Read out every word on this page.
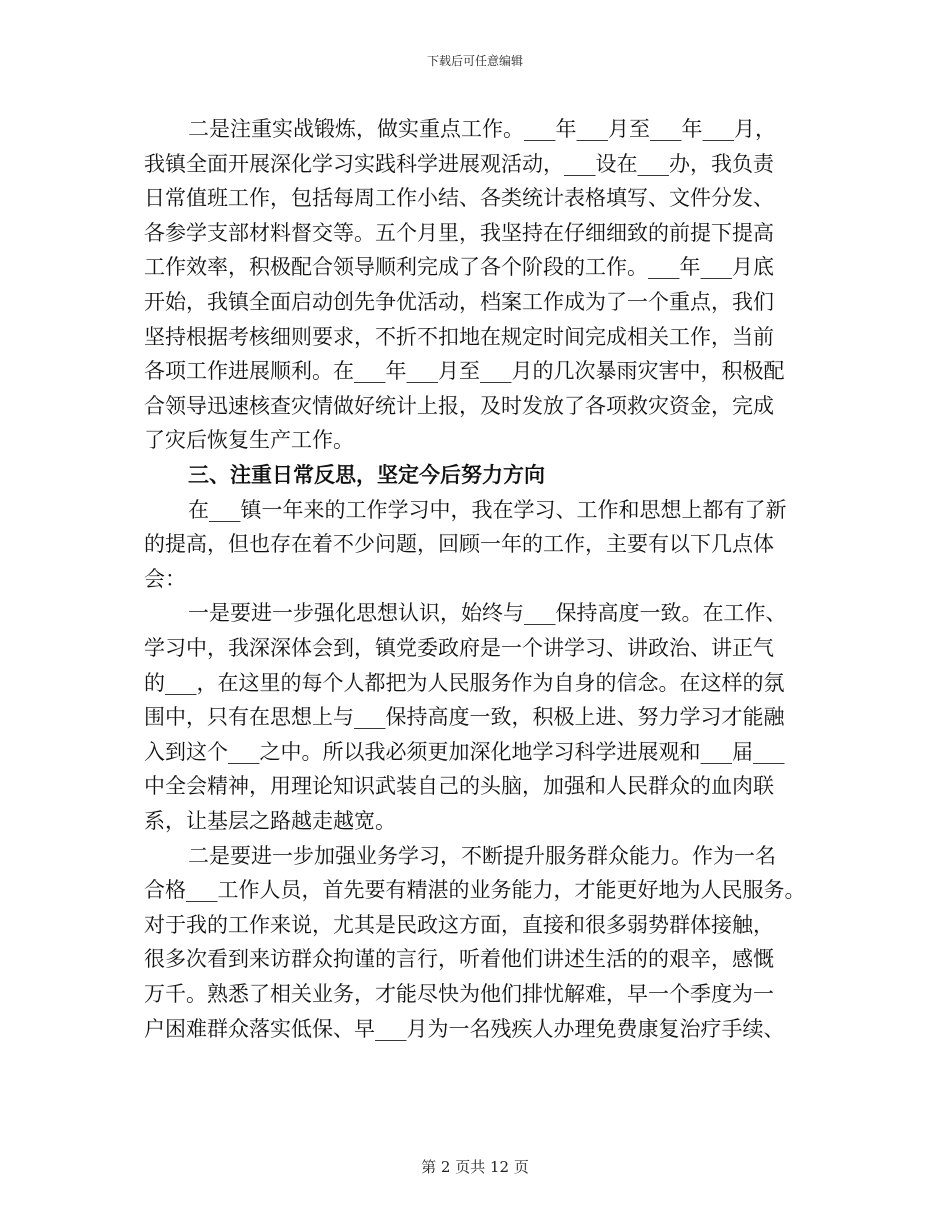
下载后可任意编辑
二是注重实战锻炼，做实重点工作。___年___月至___年___月，
我镇全面开展深化学习实践科学进展观活动，___设在___办，我负责
日常值班工作，包括每周工作小结、各类统计表格填写、文件分发、
各参学支部材料督交等。五个月里，我坚持在仔细细致的前提下提高
工作效率，积极配合领导顺利完成了各个阶段的工作。___年___月底
开始，我镇全面启动创先争优活动，档案工作成为了一个重点，我们
坚持根据考核细则要求，不折不扣地在规定时间完成相关工作，当前
各项工作进展顺利。在___年___月至___月的几次暴雨灾害中，积极配
合领导迅速核查灾情做好统计上报，及时发放了各项救灾资金，完成
了灾后恢复生产工作。
三、注重日常反思，坚定今后努力方向
在___镇一年来的工作学习中，我在学习、工作和思想上都有了新
的提高，但也存在着不少问题，回顾一年的工作，主要有以下几点体
会：
一是要进一步强化思想认识，始终与___保持高度一致。在工作、
学习中，我深深体会到，镇党委政府是一个讲学习、讲政治、讲正气
的___，在这里的每个人都把为人民服务作为自身的信念。在这样的氛
围中，只有在思想上与___保持高度一致，积极上进、努力学习才能融
入到这个___之中。所以我必须更加深化地学习科学进展观和___届___
中全会精神，用理论知识武装自己的头脑，加强和人民群众的血肉联
系，让基层之路越走越宽。
二是要进一步加强业务学习，不断提升服务群众能力。作为一名
合格___工作人员，首先要有精湛的业务能力，才能更好地为人民服务。
对于我的工作来说，尤其是民政这方面，直接和很多弱势群体接触，
很多次看到来访群众拘谨的言行，听着他们讲述生活的的艰辛，感慨
万千。熟悉了相关业务，才能尽快为他们排忧解难，早一个季度为一
户困难群众落实低保、早___月为一名残疾人办理免费康复治疗手续、
第 2 页共 12 页
